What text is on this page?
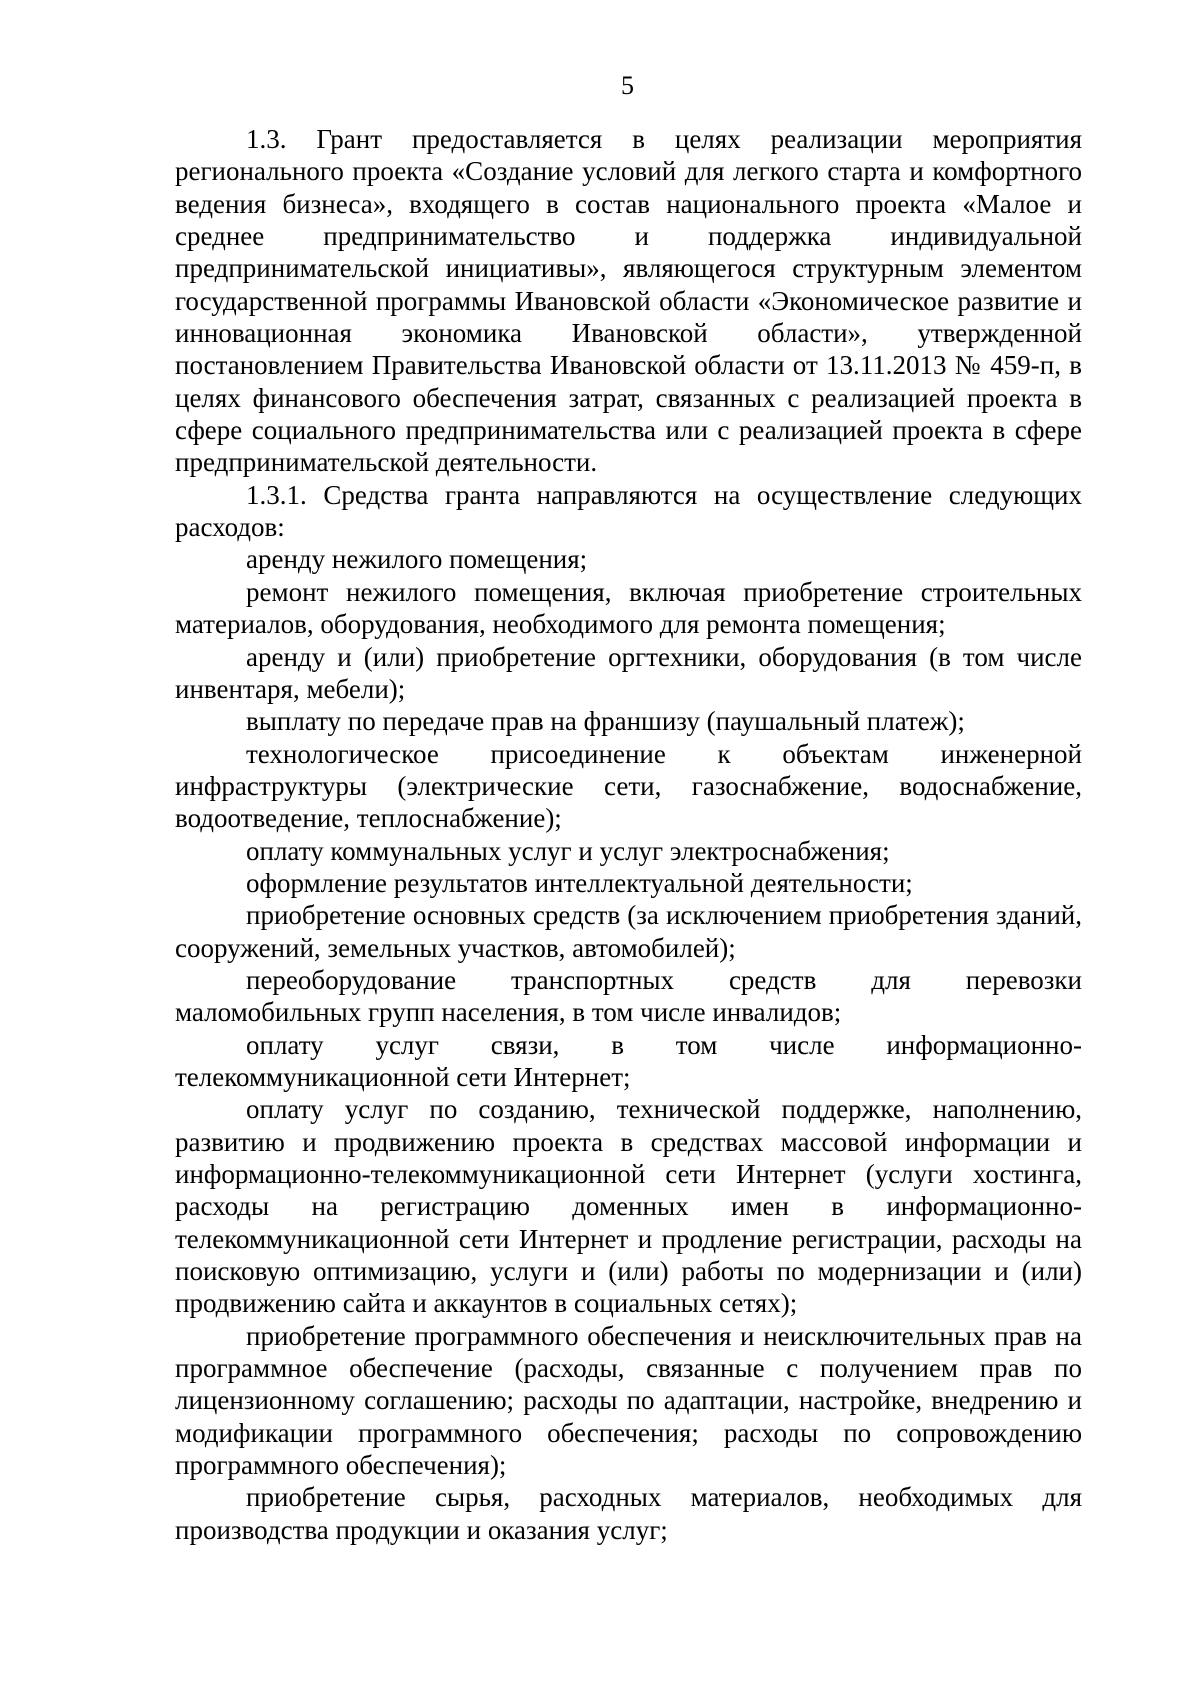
5

1.3. Грант предоставляется в целях реализации мероприятия регионального проекта «Создание условий для легкого старта и комфортного ведения бизнеса», входящего в состав национального проекта «Малое и среднее предпринимательство и поддержка индивидуальной предпринимательской инициативы», являющегося структурным элементом государственной программы Ивановской области «Экономическое развитие и инновационная экономика Ивановской области», утвержденной постановлением Правительства Ивановской области от 13.11.2013 № 459-п, в целях финансового обеспечения затрат, связанных с реализацией проекта в сфере социального предпринимательства или с реализацией проекта в сфере предпринимательской деятельности.

1.3.1. Средства гранта направляются на осуществление следующих расходов:

аренду нежилого помещения;

ремонт нежилого помещения, включая приобретение строительных материалов, оборудования, необходимого для ремонта помещения;

аренду и (или) приобретение оргтехники, оборудования (в том числе инвентаря, мебели);

выплату по передаче прав на франшизу (паушальный платеж);

технологическое присоединение к объектам инженерной инфраструктуры (электрические сети, газоснабжение, водоснабжение, водоотведение, теплоснабжение);

оплату коммунальных услуг и услуг электроснабжения;

оформление результатов интеллектуальной деятельности;

приобретение основных средств (за исключением приобретения зданий, сооружений, земельных участков, автомобилей);

переоборудование транспортных средств для перевозки маломобильных групп населения, в том числе инвалидов;

оплату услуг связи, в том числе информационно-телекоммуникационной сети Интернет;

оплату услуг по созданию, технической поддержке, наполнению, развитию и продвижению проекта в средствах массовой информации и информационно-телекоммуникационной сети Интернет (услуги хостинга, расходы на регистрацию доменных имен в информационно-телекоммуникационной сети Интернет и продление регистрации, расходы на поисковую оптимизацию, услуги и (или) работы по модернизации и (или) продвижению сайта и аккаунтов в социальных сетях);

приобретение программного обеспечения и неисключительных прав на программное обеспечение (расходы, связанные с получением прав по лицензионному соглашению; расходы по адаптации, настройке, внедрению и модификации программного обеспечения; расходы по сопровождению программного обеспечения);

приобретение сырья, расходных материалов, необходимых для производства продукции и оказания услуг;
